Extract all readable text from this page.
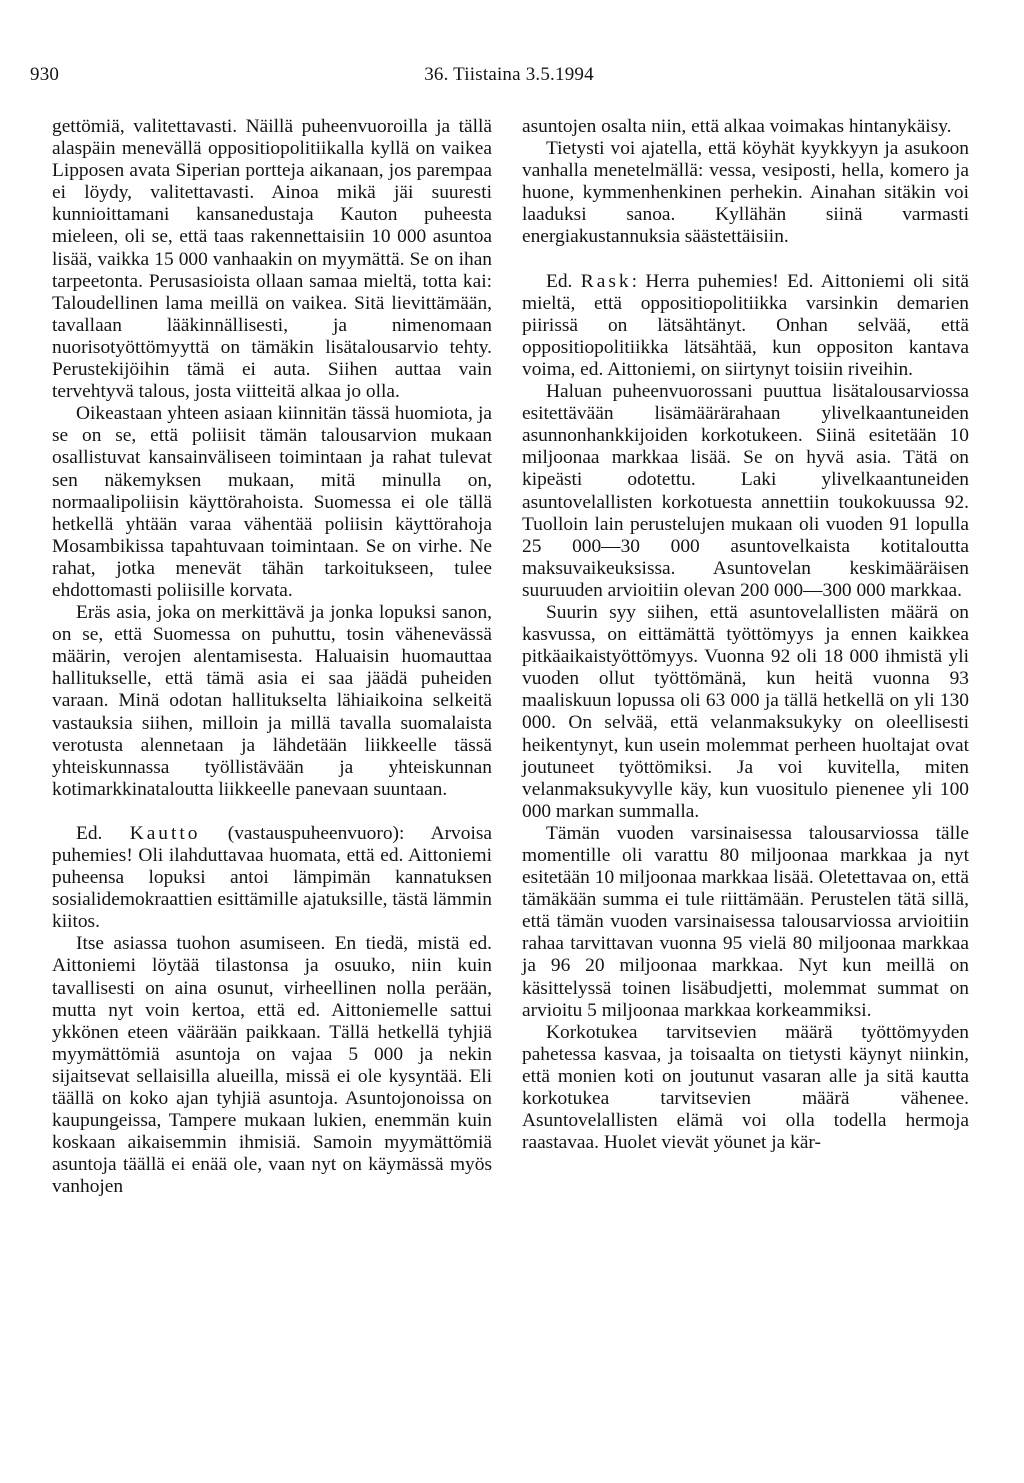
930	36. Tiistaina 3.5.1994

gettömiä, valitettavasti. Näillä puheenvuoroilla ja tällä alaspäin menevällä oppositiopolitiikalla kyllä on vaikea Lipposen avata Siperian portteja aikanaan, jos parempaa ei löydy, valitettavasti. Ainoa mikä jäi suuresti kunnioittamani kansanedustaja Kauton puheesta mieleen, oli se, että taas rakennettaisiin 10 000 asuntoa lisää, vaikka 15 000 vanhaakin on myymättä. Se on ihan tarpeetonta. Perusasioista ollaan samaa mieltä, totta kai: Taloudellinen lama meillä on vaikea. Sitä lievittämään, tavallaan lääkinnällisesti, ja nimenomaan nuorisotyöttömyyttä on tämäkin lisätalousarvio tehty. Perustekijöihin tämä ei auta. Siihen auttaa vain tervehtyvä talous, josta viitteitä alkaa jo olla.

Oikeastaan yhteen asiaan kiinnitän tässä huomiota, ja se on se, että poliisit tämän talousarvion mukaan osallistuvat kansainväliseen toimintaan ja rahat tulevat sen näkemyksen mukaan, mitä minulla on, normaalipoliisin käyttörahoista. Suomessa ei ole tällä hetkellä yhtään varaa vähentää poliisin käyttörahoja Mosambikissa tapahtuvaan toimintaan. Se on virhe. Ne rahat, jotka menevät tähän tarkoitukseen, tulee ehdottomasti poliisille korvata.

Eräs asia, joka on merkittävä ja jonka lopuksi sanon, on se, että Suomessa on puhuttu, tosin vähenevässä määrin, verojen alentamisesta. Haluaisin huomauttaa hallitukselle, että tämä asia ei saa jäädä puheiden varaan. Minä odotan hallitukselta lähiaikoina selkeitä vastauksia siihen, milloin ja millä tavalla suomalaista verotusta alennetaan ja lähdetään liikkeelle tässä yhteiskunnassa työllistävään ja yhteiskunnan kotimarkkinataloutta liikkeelle panevaan suuntaan.

Ed. Kautto (vastauspuheenvuoro): Arvoisa puhemies! Oli ilahduttavaa huomata, että ed. Aittoniemi puheensa lopuksi antoi lämpimän kannatuksen sosialidemokraattien esittämille ajatuksille, tästä lämmin kiitos.

Itse asiassa tuohon asumiseen. En tiedä, mistä ed. Aittoniemi löytää tilastonsa ja osuuko, niin kuin tavallisesti on aina osunut, virheellinen nolla perään, mutta nyt voin kertoa, että ed. Aittoniemelle sattui ykkönen eteen väärään paikkaan. Tällä hetkellä tyhjiä myymättömiä asuntoja on vajaa 5 000 ja nekin sijaitsevat sellaisilla alueilla, missä ei ole kysyntää. Eli täällä on koko ajan tyhjiä asuntoja. Asuntojonoissa on kaupungeissa, Tampere mukaan lukien, enemmän kuin koskaan aikaisemmin ihmisiä. Samoin myymättömiä asuntoja täällä ei enää ole, vaan nyt on käymässä myös vanhojen

asuntojen osalta niin, että alkaa voimakas hintanykäisy.

Tietysti voi ajatella, että köyhät kyykkyyn ja asukoon vanhalla menetelmällä: vessa, vesiposti, hella, komero ja huone, kymmenhenkinen perhekin. Ainahan sitäkin voi laaduksi sanoa. Kyllähän siinä varmasti energiakustannuksia säästettäisiin.

Ed. Rask: Herra puhemies! Ed. Aittoniemi oli sitä mieltä, että oppositiopolitiikka varsinkin demarien piirissä on lätsähtänyt. Onhan selvää, että oppositiopolitiikka lätsähtää, kun oppositon kantava voima, ed. Aittoniemi, on siirtynyt toisiin riveihin.

Haluan puheenvuorossani puuttua lisätalousarviossa esitettävään lisämäärärahaan ylivelkaantuneiden asunnonhankkijoiden korkotukeen. Siinä esitetään 10 miljoonaa markkaa lisää. Se on hyvä asia. Tätä on kipeästi odotettu. Laki ylivelkaantuneiden asuntovelallisten korkotuesta annettiin toukokuussa 92. Tuolloin lain perustelujen mukaan oli vuoden 91 lopulla 25 000—30 000 asuntovelkaista kotitaloutta maksuvaikeuksissa. Asuntovelan keskimääräisen suuruuden arvioitiin olevan 200 000—300 000 markkaa.

Suurin syy siihen, että asuntovelallisten määrä on kasvussa, on eittämättä työttömyys ja ennen kaikkea pitkäaikaistyöttömyys. Vuonna 92 oli 18 000 ihmistä yli vuoden ollut työttömänä, kun heitä vuonna 93 maaliskuun lopussa oli 63 000 ja tällä hetkellä on yli 130 000. On selvää, että velanmaksukyky on oleellisesti heikentynyt, kun usein molemmat perheen huoltajat ovat joutuneet työttömiksi. Ja voi kuvitella, miten velanmaksukyvylle käy, kun vuositulo pienenee yli 100 000 markan summalla.

Tämän vuoden varsinaisessa talousarviossa tälle momentille oli varattu 80 miljoonaa markkaa ja nyt esitetään 10 miljoonaa markkaa lisää. Oletettavaa on, että tämäkään summa ei tule riittämään. Perustelen tätä sillä, että tämän vuoden varsinaisessa talousarviossa arvioitiin rahaa tarvittavan vuonna 95 vielä 80 miljoonaa markkaa ja 96 20 miljoonaa markkaa. Nyt kun meillä on käsittelyssä toinen lisäbudjetti, molemmat summat on arvioitu 5 miljoonaa markkaa korkeammiksi.

Korkotukea tarvitsevien määrä työttömyyden pahetessa kasvaa, ja toisaalta on tietysti käynyt niinkin, että monien koti on joutunut vasaran alle ja sitä kautta korkotukea tarvitsevien määrä vähenee. Asuntovelallisten elämä voi olla todella hermoja raastavaa. Huolet vievät yöunet ja kär-
